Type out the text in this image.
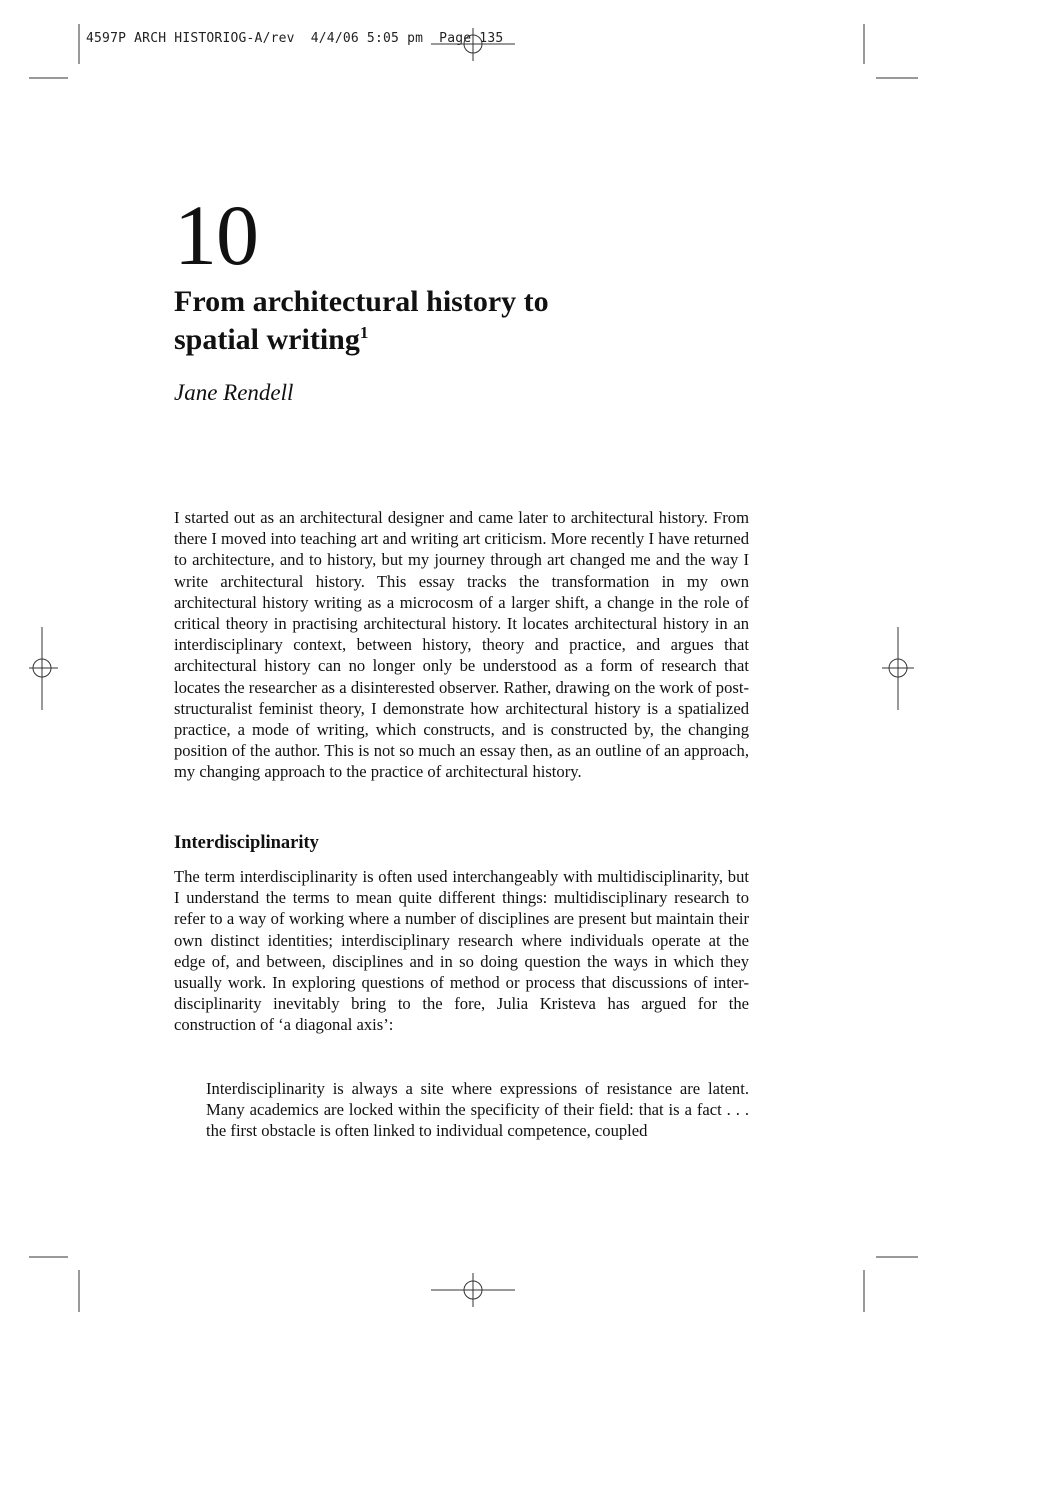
4597P ARCH HISTORIOG-A/rev  4/4/06 5:05 pm  Page 135
10
From architectural history to
spatial writing$^1$
Jane Rendell

I started out as an architectural designer and came later to architectural history. From there I moved into teaching art and writing art criticism. More recently I have returned to architecture, and to history, but my journey through art changed me and the way I write architectural history. This essay tracks the transformation in my own architectural history writing as a microcosm of a larger shift, a change in the role of critical theory in practising architectural history. It locates architectural history in an interdisciplinary context, between history, theory and practice, and argues that architectural history can no longer only be understood as a form of research that locates the researcher as a disinterested observer. Rather, drawing on the work of post-structuralist feminist theory, I demonstrate how architectural history is a spatialized practice, a mode of writing, which constructs, and is constructed by, the changing position of the author. This is not so much an essay then, as an outline of an approach, my changing approach to the practice of architectural history.

Interdisciplinarity

The term interdisciplinarity is often used interchangeably with multidisciplinarity, but I understand the terms to mean quite different things: multidisciplinary research to refer to a way of working where a number of disciplines are present but maintain their own distinct identities; interdisciplinary research where individuals operate at the edge of, and between, disciplines and in so doing question the ways in which they usually work. In exploring questions of method or process that discussions of inter-disciplinarity inevitably bring to the fore, Julia Kristeva has argued for the construction of ‘a diagonal axis’:

Interdisciplinarity is always a site where expressions of resistance are latent. Many academics are locked within the specificity of their field: that is a fact . . . the first obstacle is often linked to individual competence, coupled
